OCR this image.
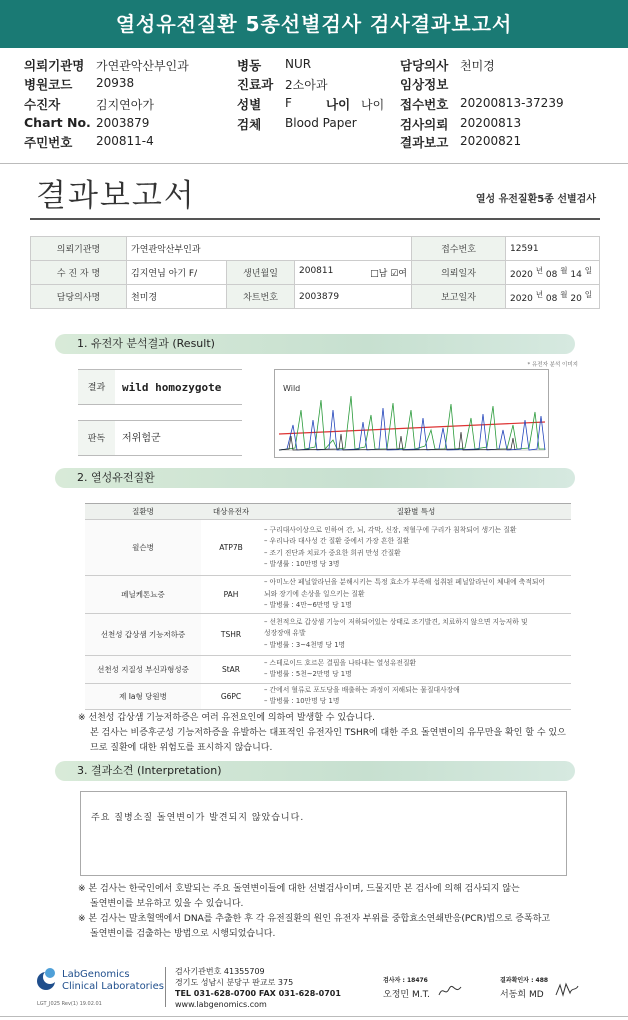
열성유전질환 5종선별검사 검사결과보고서
의뢰기관명 가연관악산부인과
병원코드 20938
수진자	김지연아가
Chart No. 2003879
주민번호 200811-4
병동 NUR
진료과 2소아과
성별 F	나이 나이
검체 Blood Paper
담당의사 천미경
임상정보
접수번호 20200813-37239
검사의뢰 20200813
결과보고 20200821
결과보고서	열성 유전질환5종 선별검사
의뢰기관명	가연관악산부인과			접수번호	12591
수 진 자 명	김지연님 아기 F/	생년월일	200811 □남 ☑여	의뢰일자	2020 $^년$ 08 $^월$ 14 $^일$
담당의사명	천미경	차트번호	2003879	보고일자	2020 $^년$ 08 $^월$ 20 $^일$
1. 유전자 분석결과 (Result)
* 유전자 분석 이미지
결과	wild homozygote
판독	저위험군
Wild
2. 열성유전질환
질환명	대상유전자	질환별 특성
윌슨병	ATP7B	– 구리대사이상으로 인하여 간, 뇌, 각막, 신장, 적혈구에 구리가 침착되어 생기는 질환
– 우리나라 대사성 간 질환 중에서 가장 흔한 질환
– 조기 진단과 치료가 중요한 희귀 만성 간질환
– 발생률 : 10만명 당 3명

페닐케톤뇨증	PAH	– 아미노산 페닐알라닌을 분해시키는 특정 효소가 부족해 섭취된 페닐알라닌이 체내에 축적되어
뇌와 장기에 손상을 일으키는 질환
– 발병률 : 4만~6만명 당 1명

선천성 갑상샘 기능저하증	TSHR	– 선천적으로 갑상샘 기능이 저하되어있는 상태로 조기발견, 치료하지 않으면 지능저하 및
성장장애 유발
– 발병률 : 3~4천명 당 1명

선천성 지질성 부신과형성증	StAR	– 스테로이드 호르몬 결핍을 나타내는 열성유전질환
– 발병률 : 5천~2만명 당 1명

제 Ia형 당원병	G6PC	– 간에서 혈류로 포도당을 배출하는 과정이 저해되는 물질대사장애
– 발병률 : 10만명 당 1명
※ 선천성 갑상샘 기능저하증은 여러 유전요인에 의하여 발생할 수 있습니다.
본 검사는 비증후군성 기능저하증을 유발하는 대표적인 유전자인 TSHR에 대한 주요 돌연변이의 유무만을 확인 할 수 있으
므로 질환에 대한 위험도를 표시하지 않습니다.
3. 결과소견 (Interpretation)
주요 질병소질 돌연변이가 발견되지 않았습니다.
※ 본 검사는 한국인에서 호발되는 주요 돌연변이들에 대한 선별검사이며, 드물지만 본 검사에 의해 검사되지 않는
돌연변이를 보유하고 있을 수 있습니다.
※ 본 검사는 말초혈액에서 DNA를 추출한 후 각 유전질환의 원인 유전자 부위를 중합효소연쇄반응(PCR)법으로 증폭하고
돌연변이를 검출하는 방법으로 시행되었습니다.
LabGenomics
Clinical Laboratories
LGT_J025 Rev(1) 19.02.01
검사기관번호 41355709
경기도 성남시 분당구 판교로 375
TEL 031-628-0700 FAX 031-628-0701
www.labgenomics.com
검사자 : 18476
오정민 M.T.
결과확인자 : 488
서동희 MD
